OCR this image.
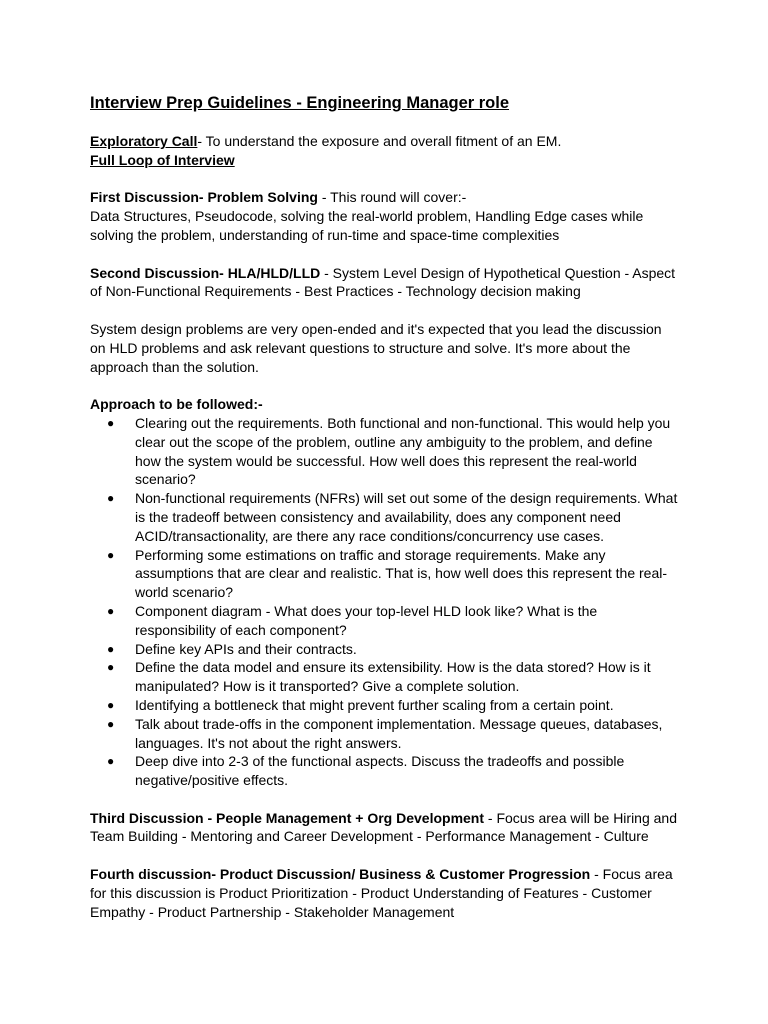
Interview Prep Guidelines - Engineering Manager role

Exploratory Call- To understand the exposure and overall fitment of an EM.

Full Loop of Interview

First Discussion- Problem Solving - This round will cover:-

Data Structures, Pseudocode, solving the real-world problem, Handling Edge cases while solving the problem, understanding of run-time and space-time complexities

Second Discussion- HLA/HLD/LLD - System Level Design of Hypothetical Question - Aspect of Non-Functional Requirements - Best Practices - Technology decision making

System design problems are very open-ended and it's expected that you lead the discussion on HLD problems and ask relevant questions to structure and solve. It's more about the approach than the solution.

Approach to be followed:-

● Clearing out the requirements. Both functional and non-functional. This would help you clear out the scope of the problem, outline any ambiguity to the problem, and define how the system would be successful. How well does this represent the real-world scenario?
● Non-functional requirements (NFRs) will set out some of the design requirements. What is the tradeoff between consistency and availability, does any component need ACID/transactionality, are there any race conditions/concurrency use cases.
● Performing some estimations on traffic and storage requirements. Make any assumptions that are clear and realistic. That is, how well does this represent the real-world scenario?
● Component diagram - What does your top-level HLD look like? What is the responsibility of each component?
● Define key APIs and their contracts.
● Define the data model and ensure its extensibility. How is the data stored? How is it manipulated? How is it transported? Give a complete solution.
● Identifying a bottleneck that might prevent further scaling from a certain point.
● Talk about trade-offs in the component implementation. Message queues, databases, languages. It's not about the right answers.
● Deep dive into 2-3 of the functional aspects. Discuss the tradeoffs and possible negative/positive effects.

Third Discussion - People Management + Org Development - Focus area will be Hiring and Team Building - Mentoring and Career Development - Performance Management - Culture

Fourth discussion- Product Discussion/ Business & Customer Progression - Focus area for this discussion is Product Prioritization - Product Understanding of Features - Customer Empathy - Product Partnership - Stakeholder Management
